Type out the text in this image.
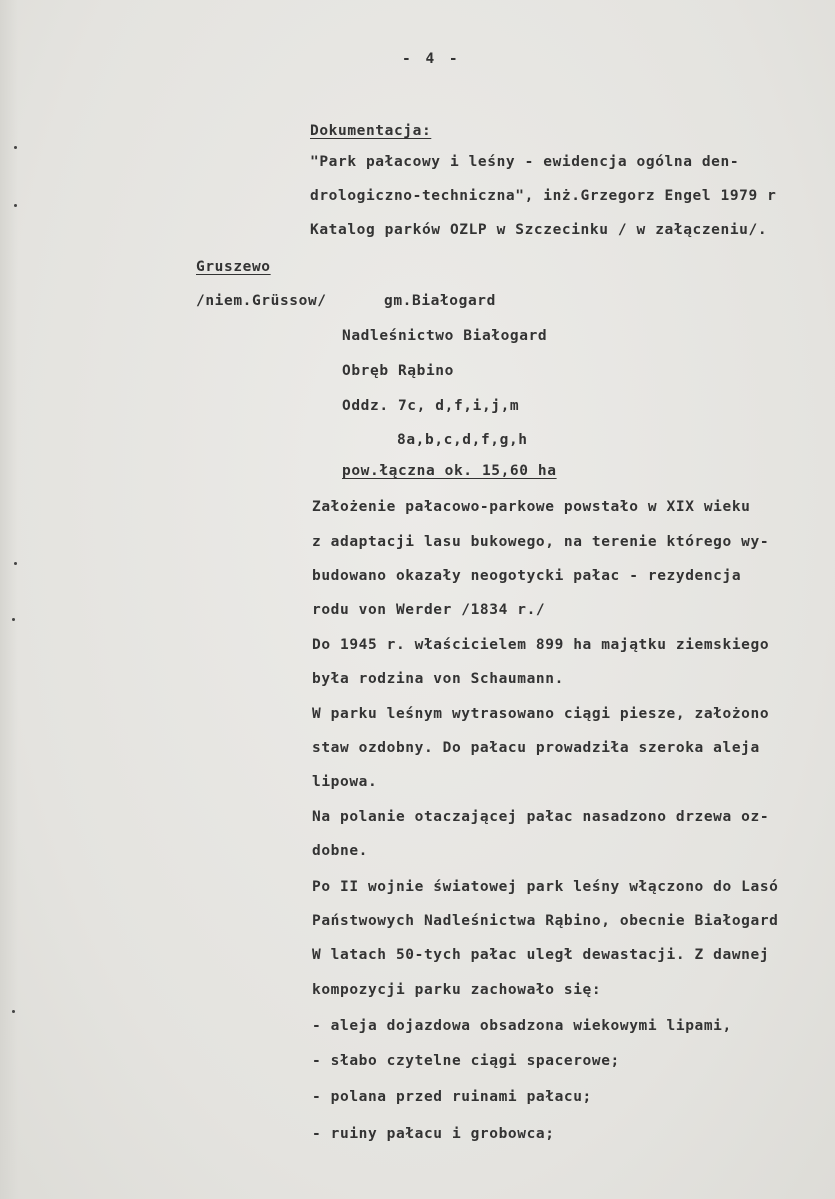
- 4 -
Dokumentacja:
"Park pałacowy i leśny - ewidencja ogólna den-
drologiczno-techniczna", inż.Grzegorz Engel 1979 r
Katalog parków OZLP w Szczecinku / w załączeniu/.
Gruszewo
/niem.Grüssow/	gm.Białogard
Nadleśnictwo Białogard
Obręb Rąbino
Oddz. 7c, d,f,i,j,m
8a,b,c,d,f,g,h
pow.łączna ok. 15,60 ha
Założenie pałacowo-parkowe powstało w XIX wieku
z adaptacji lasu bukowego, na terenie którego wy-
budowano okazały neogotycki pałac - rezydencja
rodu von Werder /1834 r./
Do 1945 r. właścicielem 899 ha majątku ziemskiego
była rodzina von Schaumann.
W parku leśnym wytrasowano ciągi piesze, założono
staw ozdobny. Do pałacu prowadziła szeroka aleja
lipowa.
Na polanie otaczającej pałac nasadzono drzewa oz-
dobne.
Po II wojnie światowej park leśny włączono do Lasó
Państwowych Nadleśnictwa Rąbino, obecnie Białogard
W latach 50-tych pałac uległ dewastacji. Z dawnej
kompozycji parku zachowało się:
- aleja dojazdowa obsadzona wiekowymi lipami,
- słabo czytelne ciągi spacerowe;
- polana przed ruinami pałacu;
- ruiny pałacu i grobowca;
